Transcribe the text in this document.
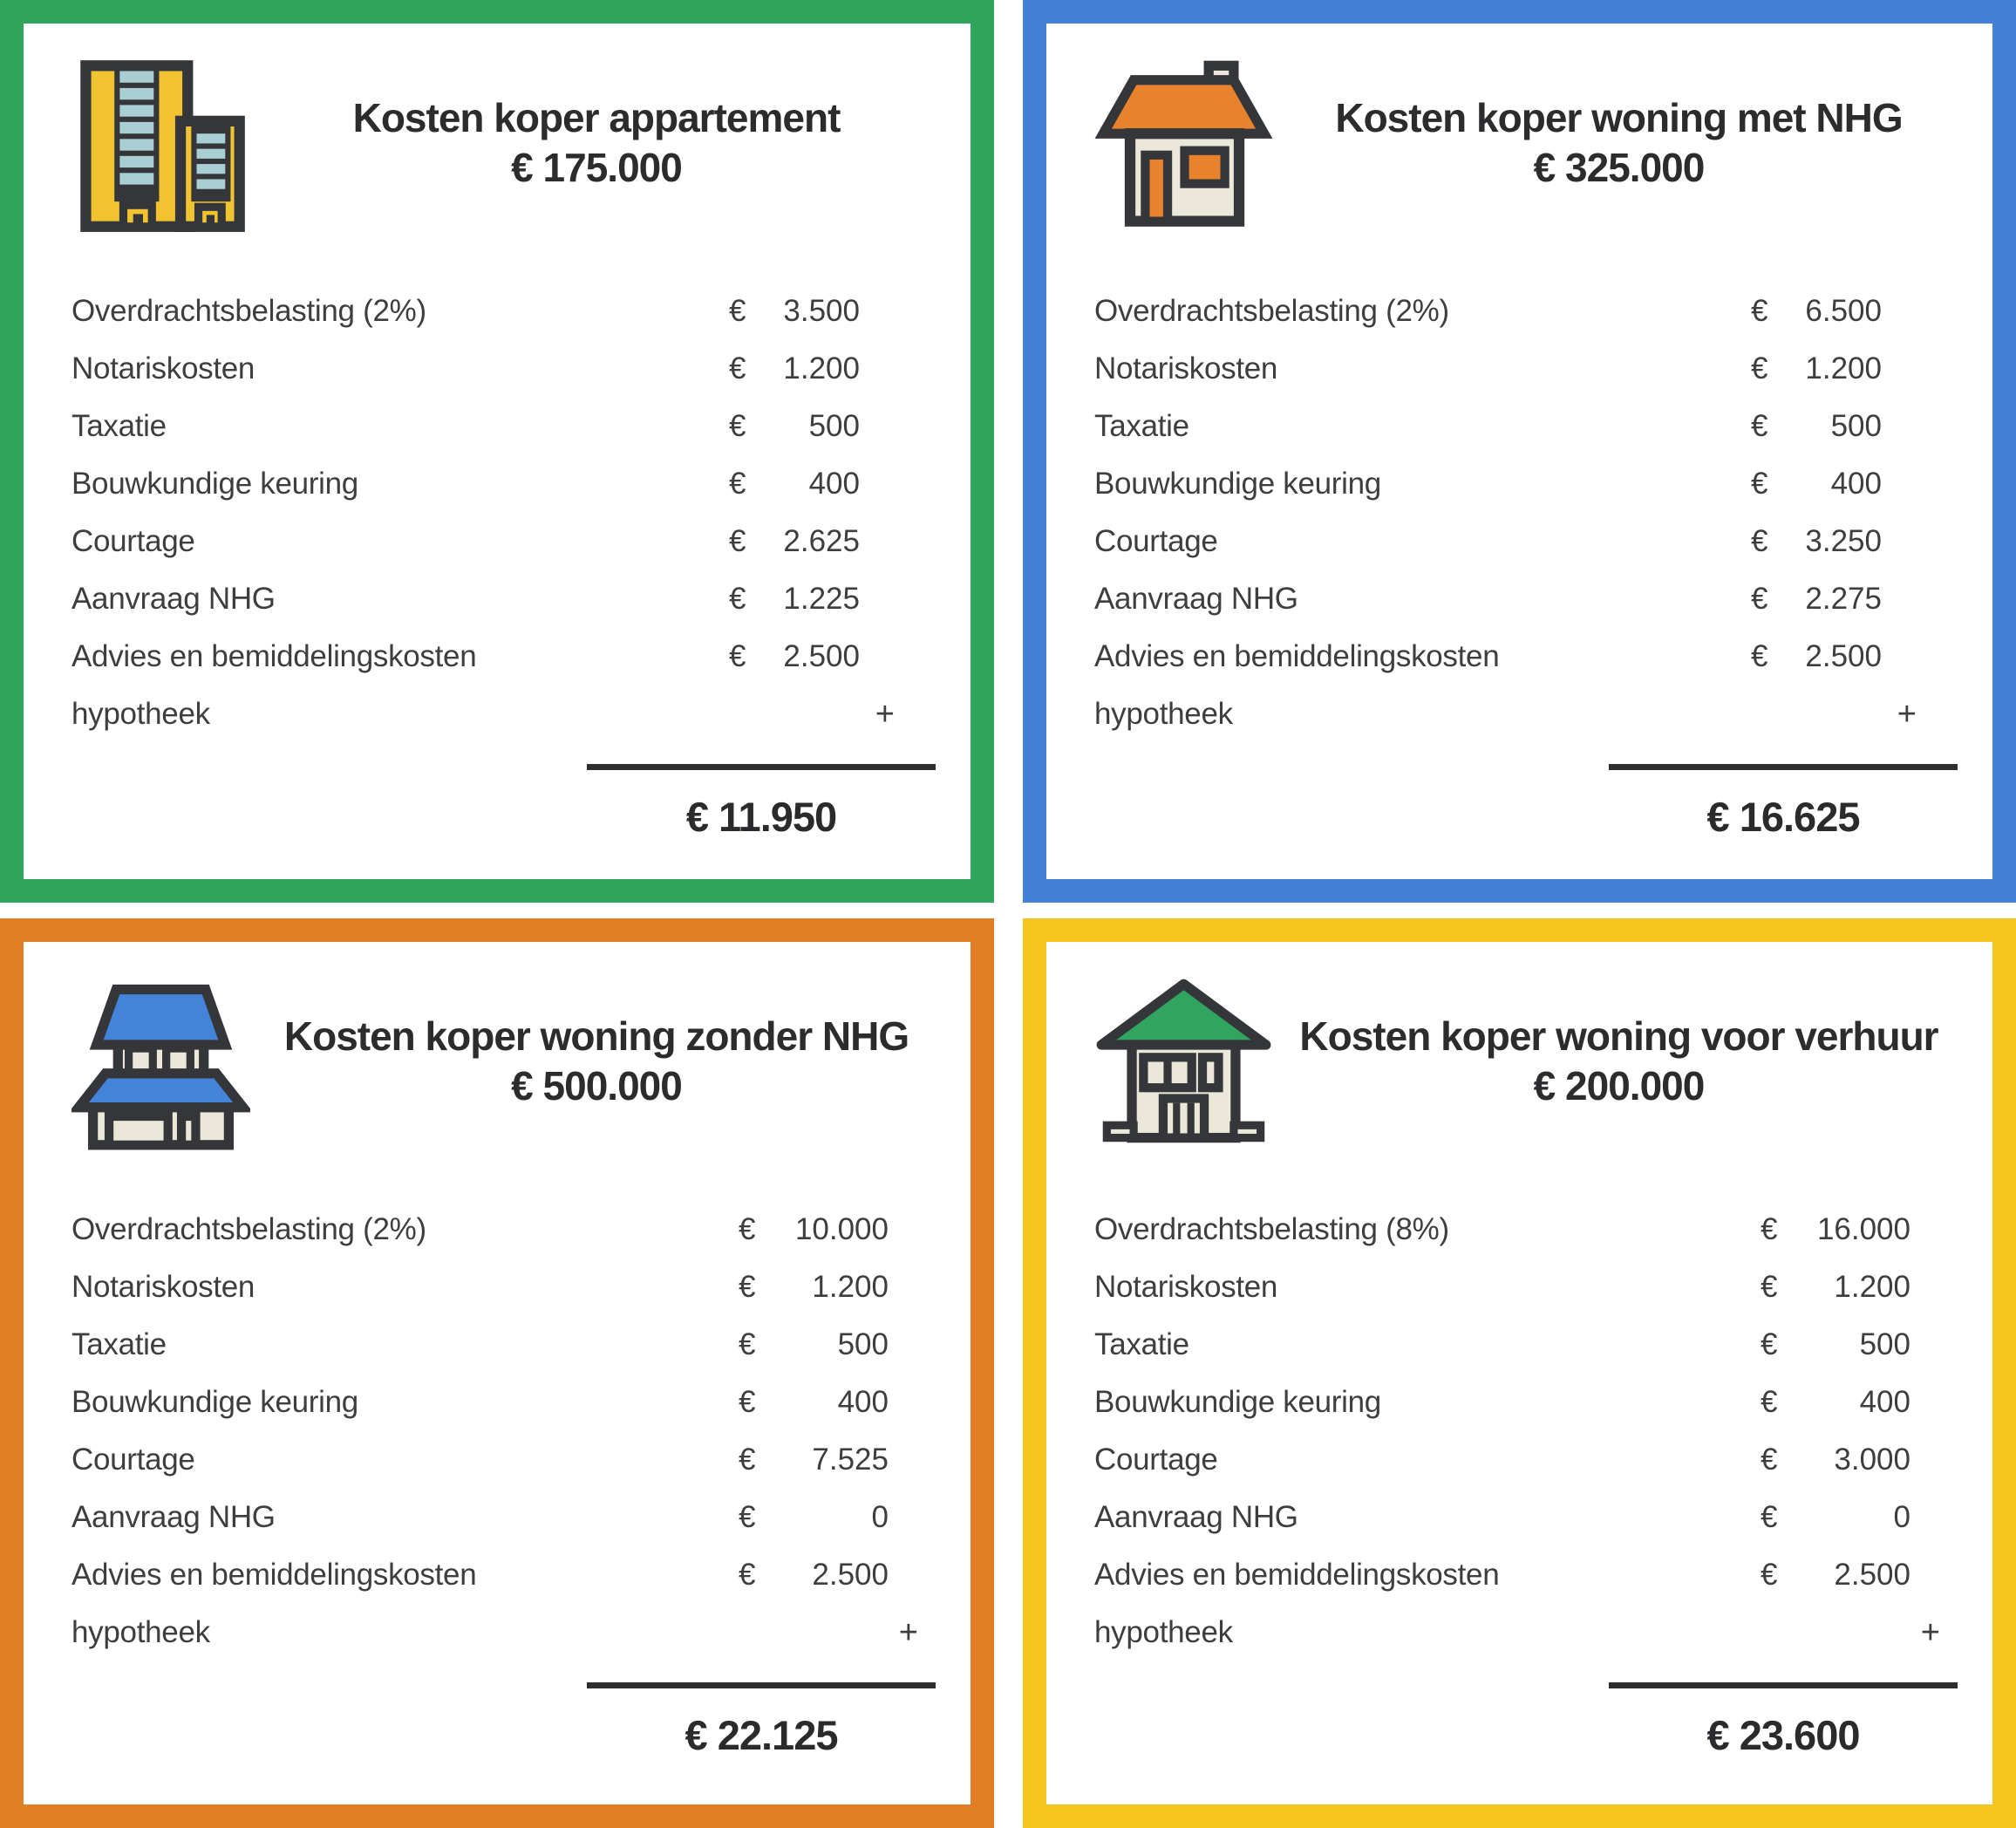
Kosten koper appartement
€ 175.000
Overdrachtsbelasting (2%)	€ 3.500
Notariskosten	€ 1.200
Taxatie	€ 500
Bouwkundige keuring	€ 400
Courtage	€ 2.625
Aanvraag NHG	€ 1.225
Advies en bemiddelingskosten	€ 2.500
hypotheek	+
€ 11.950
Kosten koper woning met NHG
€ 325.000
Overdrachtsbelasting (2%)	€ 6.500
Notariskosten	€ 1.200
Taxatie	€ 500
Bouwkundige keuring	€ 400
Courtage	€ 3.250
Aanvraag NHG	€ 2.275
Advies en bemiddelingskosten	€ 2.500
hypotheek	+
€ 16.625
Kosten koper woning zonder NHG
€ 500.000
Overdrachtsbelasting (2%)	€ 10.000
Notariskosten	€ 1.200
Taxatie	€	500
Bouwkundige keuring	€	400
Courtage	€ 7.525
Aanvraag NHG	€	0
Advies en bemiddelingskosten	€ 2.500
hypotheek	+
€ 22.125
Kosten koper woning voor verhuur
€ 200.000
Overdrachtsbelasting (8%)	€ 16.000
Notariskosten	€ 1.200
Taxatie	€	500
Bouwkundige keuring	€	400
Courtage	€ 3.000
Aanvraag NHG	€	0
Advies en bemiddelingskosten	€ 2.500
hypotheek	+
€ 23.600
